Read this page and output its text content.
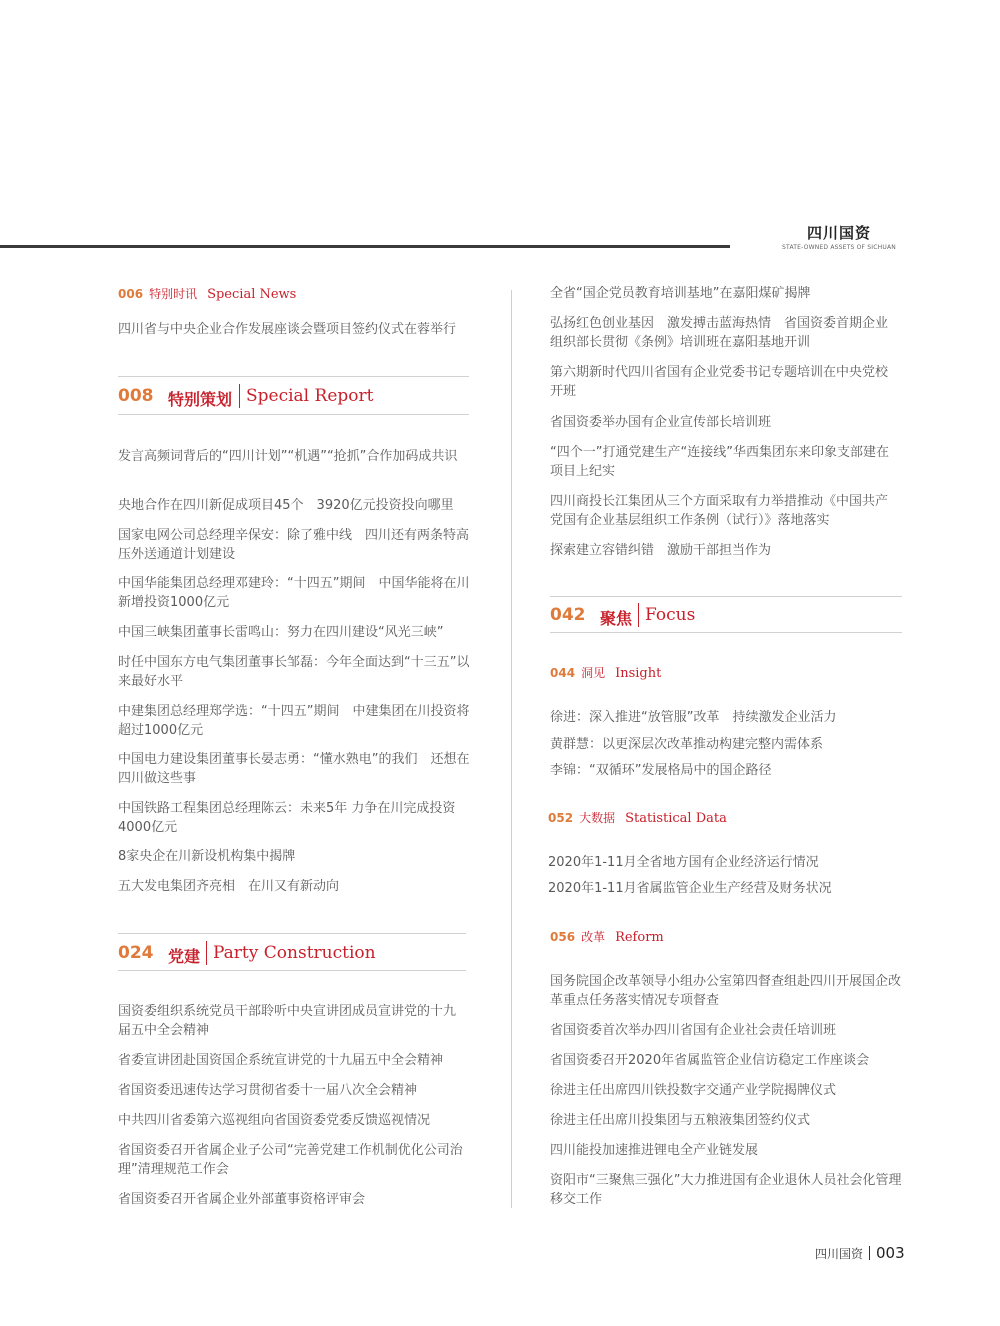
四川国资
STATE-OWNED ASSETS OF SICHUAN
006 特别时讯 Special News
四川省与中央企业合作发展座谈会暨项目签约仪式在蓉举行
008 特别策划 Special Report
发言高频词背后的“四川计划”“机遇”“抢抓”合作加码成共识
央地合作在四川新促成项目45个　3920亿元投资投向哪里
国家电网公司总经理辛保安：除了雅中线　四川还有两条特高压外送通道计划建设
中国华能集团总经理邓建玲：“十四五”期间　中国华能将在川新增投资1000亿元
中国三峡集团董事长雷鸣山：努力在四川建设“风光三峡”
时任中国东方电气集团董事长邹磊：今年全面达到“十三五”以来最好水平
中建集团总经理郑学选：“十四五”期间　中建集团在川投资将超过1000亿元
中国电力建设集团董事长晏志勇：“懂水熟电”的我们　还想在四川做这些事
中国铁路工程集团总经理陈云：未来5年 力争在川完成投资4000亿元
8家央企在川新设机构集中揭牌
五大发电集团齐亮相　在川又有新动向
024 党建 Party Construction
国资委组织系统党员干部聆听中央宣讲团成员宣讲党的十九届五中全会精神
省委宣讲团赴国资国企系统宣讲党的十九届五中全会精神
省国资委迅速传达学习贯彻省委十一届八次全会精神
中共四川省委第六巡视组向省国资委党委反馈巡视情况
省国资委召开省属企业子公司“完善党建工作机制优化公司治理”清理规范工作会
省国资委召开省属企业外部董事资格评审会
全省“国企党员教育培训基地”在嘉阳煤矿揭牌
弘扬红色创业基因　激发搏击蓝海热情　省国资委首期企业组织部长贯彻《条例》培训班在嘉阳基地开训
第六期新时代四川省国有企业党委书记专题培训在中央党校开班
省国资委举办国有企业宣传部长培训班
“四个一”打通党建生产“连接线”华西集团东来印象支部建在项目上纪实
四川商投长江集团从三个方面采取有力举措推动《中国共产党国有企业基层组织工作条例（试行）》落地落实
探索建立容错纠错　激励干部担当作为
042 聚焦 Focus
044 洞见 Insight
徐进：深入推进“放管服”改革　持续激发企业活力
黄群慧：以更深层次改革推动构建完整内需体系
李锦：“双循环”发展格局中的国企路径
052 大数据 Statistical Data
2020年1-11月全省地方国有企业经济运行情况
2020年1-11月省属监管企业生产经营及财务状况
056 改革 Reform
国务院国企改革领导小组办公室第四督查组赴四川开展国企改革重点任务落实情况专项督查
省国资委首次举办四川省国有企业社会责任培训班
省国资委召开2020年省属监管企业信访稳定工作座谈会
徐进主任出席四川铁投数字交通产业学院揭牌仪式
徐进主任出席川投集团与五粮液集团签约仪式
四川能投加速推进锂电全产业链发展
资阳市“三聚焦三强化”大力推进国有企业退休人员社会化管理移交工作
四川国资 003
